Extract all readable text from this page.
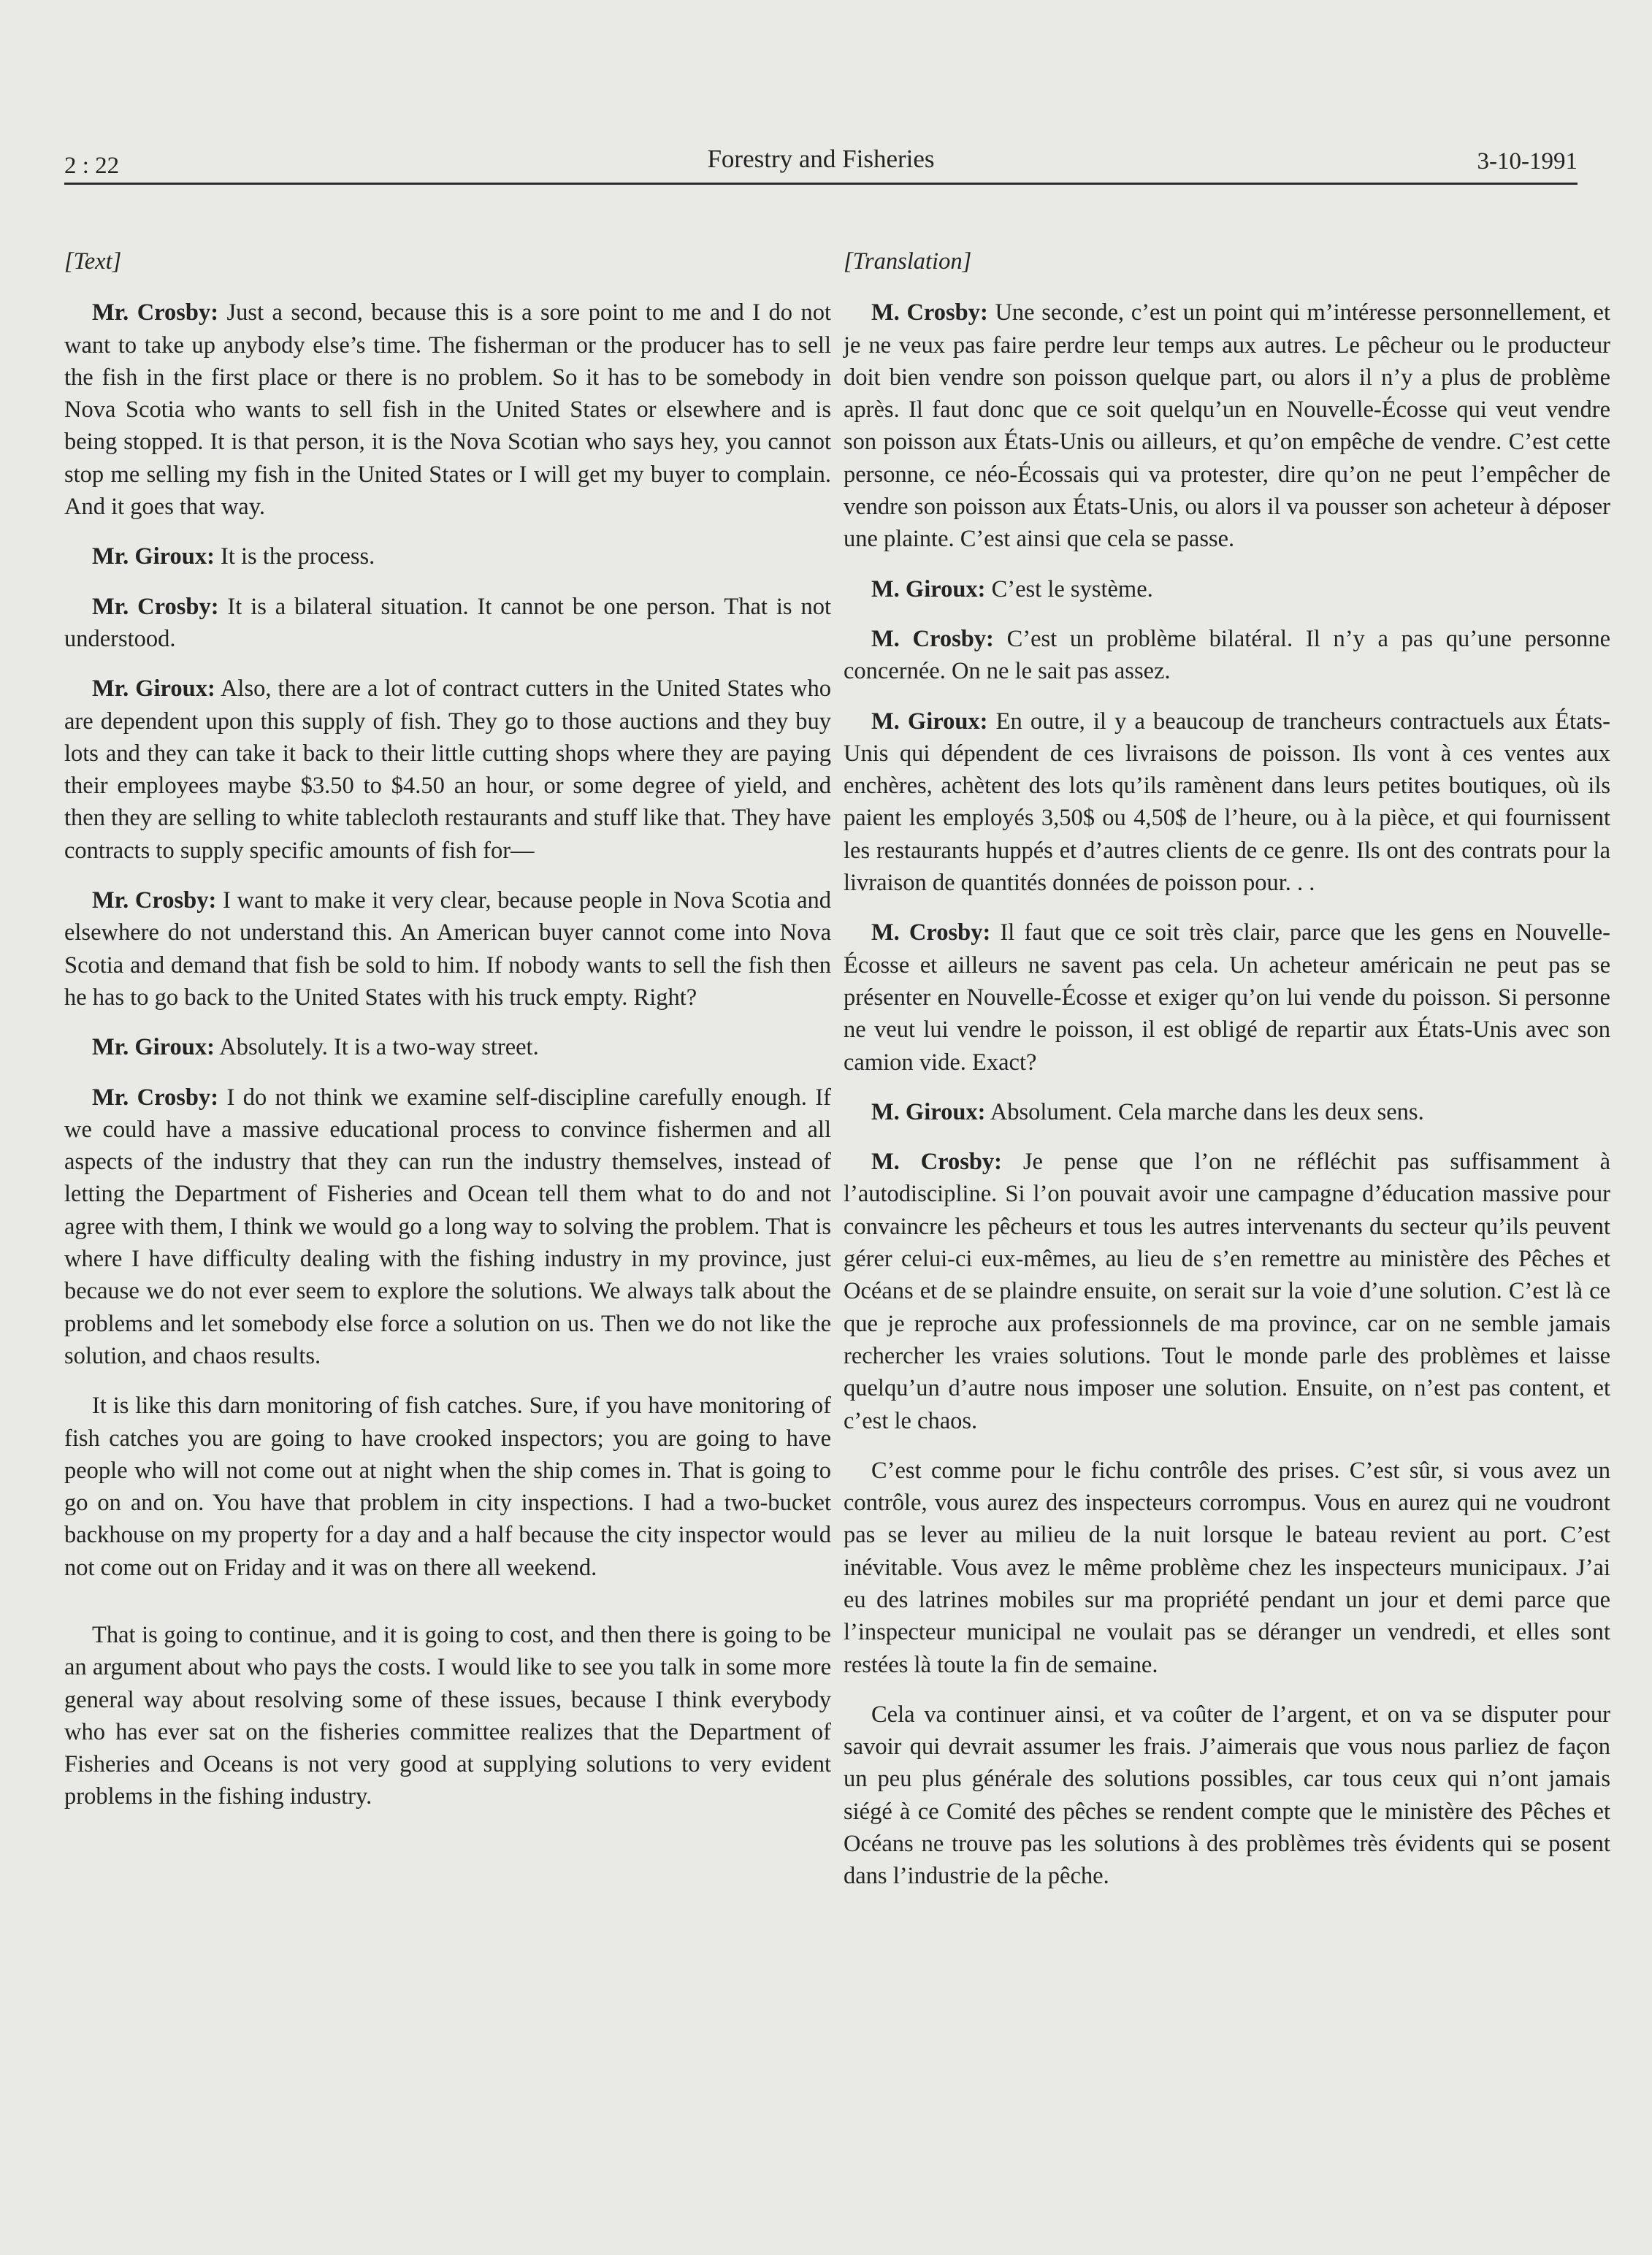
2 : 22	Forestry and Fisheries	3-10-1991
[Text]

Mr. Crosby: Just a second, because this is a sore point to me and I do not want to take up anybody else’s time. The fisherman or the producer has to sell the fish in the first place or there is no problem. So it has to be somebody in Nova Scotia who wants to sell fish in the United States or elsewhere and is being stopped. It is that person, it is the Nova Scotian who says hey, you cannot stop me selling my fish in the United States or I will get my buyer to complain. And it goes that way.

Mr. Giroux: It is the process.

Mr. Crosby: It is a bilateral situation. It cannot be one person. That is not understood.

Mr. Giroux: Also, there are a lot of contract cutters in the United States who are dependent upon this supply of fish. They go to those auctions and they buy lots and they can take it back to their little cutting shops where they are paying their employees maybe $3.50 to $4.50 an hour, or some degree of yield, and then they are selling to white tablecloth restaurants and stuff like that. They have contracts to supply specific amounts of fish for—

Mr. Crosby: I want to make it very clear, because people in Nova Scotia and elsewhere do not understand this. An American buyer cannot come into Nova Scotia and demand that fish be sold to him. If nobody wants to sell the fish then he has to go back to the United States with his truck empty. Right?

Mr. Giroux: Absolutely. It is a two-way street.

Mr. Crosby: I do not think we examine self-discipline carefully enough. If we could have a massive educational process to convince fishermen and all aspects of the industry that they can run the industry themselves, instead of letting the Department of Fisheries and Ocean tell them what to do and not agree with them, I think we would go a long way to solving the problem. That is where I have difficulty dealing with the fishing industry in my province, just because we do not ever seem to explore the solutions. We always talk about the problems and let somebody else force a solution on us. Then we do not like the solution, and chaos results.

It is like this darn monitoring of fish catches. Sure, if you have monitoring of fish catches you are going to have crooked inspectors; you are going to have people who will not come out at night when the ship comes in. That is going to go on and on. You have that problem in city inspections. I had a two-bucket backhouse on my property for a day and a half because the city inspector would not come out on Friday and it was on there all weekend.

That is going to continue, and it is going to cost, and then there is going to be an argument about who pays the costs. I would like to see you talk in some more general way about resolving some of these issues, because I think everybody who has ever sat on the fisheries committee realizes that the Department of Fisheries and Oceans is not very good at supplying solutions to very evident problems in the fishing industry.

[Translation]

M. Crosby: Une seconde, c’est un point qui m’intéresse personnellement, et je ne veux pas faire perdre leur temps aux autres. Le pêcheur ou le producteur doit bien vendre son poisson quelque part, ou alors il n’y a plus de problème après. Il faut donc que ce soit quelqu’un en Nouvelle-Écosse qui veut vendre son poisson aux États-Unis ou ailleurs, et qu’on empêche de vendre. C’est cette personne, ce néo-Écossais qui va protester, dire qu’on ne peut l’empêcher de vendre son poisson aux États-Unis, ou alors il va pousser son acheteur à déposer une plainte. C’est ainsi que cela se passe.

M. Giroux: C’est le système.

M. Crosby: C’est un problème bilatéral. Il n’y a pas qu’une personne concernée. On ne le sait pas assez.

M. Giroux: En outre, il y a beaucoup de trancheurs contractuels aux États-Unis qui dépendent de ces livraisons de poisson. Ils vont à ces ventes aux enchères, achètent des lots qu’ils ramènent dans leurs petites boutiques, où ils paient les employés 3,50$ ou 4,50$ de l’heure, ou à la pièce, et qui fournissent les restaurants huppés et d’autres clients de ce genre. Ils ont des contrats pour la livraison de quantités données de poisson pour. . .

M. Crosby: Il faut que ce soit très clair, parce que les gens en Nouvelle-Écosse et ailleurs ne savent pas cela. Un acheteur américain ne peut pas se présenter en Nouvelle-Écosse et exiger qu’on lui vende du poisson. Si personne ne veut lui vendre le poisson, il est obligé de repartir aux États-Unis avec son camion vide. Exact?

M. Giroux: Absolument. Cela marche dans les deux sens.

M. Crosby: Je pense que l’on ne réfléchit pas suffisamment à l’autodiscipline. Si l’on pouvait avoir une campagne d’éducation massive pour convaincre les pêcheurs et tous les autres intervenants du secteur qu’ils peuvent gérer celui-ci eux-mêmes, au lieu de s’en remettre au ministère des Pêches et Océans et de se plaindre ensuite, on serait sur la voie d’une solution. C’est là ce que je reproche aux professionnels de ma province, car on ne semble jamais rechercher les vraies solutions. Tout le monde parle des problèmes et laisse quelqu’un d’autre nous imposer une solution. Ensuite, on n’est pas content, et c’est le chaos.

C’est comme pour le fichu contrôle des prises. C’est sûr, si vous avez un contrôle, vous aurez des inspecteurs corrompus. Vous en aurez qui ne voudront pas se lever au milieu de la nuit lorsque le bateau revient au port. C’est inévitable. Vous avez le même problème chez les inspecteurs municipaux. J’ai eu des latrines mobiles sur ma propriété pendant un jour et demi parce que l’inspecteur municipal ne voulait pas se déranger un vendredi, et elles sont restées là toute la fin de semaine.

Cela va continuer ainsi, et va coûter de l’argent, et on va se disputer pour savoir qui devrait assumer les frais. J’aimerais que vous nous parliez de façon un peu plus générale des solutions possibles, car tous ceux qui n’ont jamais siégé à ce Comité des pêches se rendent compte que le ministère des Pêches et Océans ne trouve pas les solutions à des problèmes très évidents qui se posent dans l’industrie de la pêche.
